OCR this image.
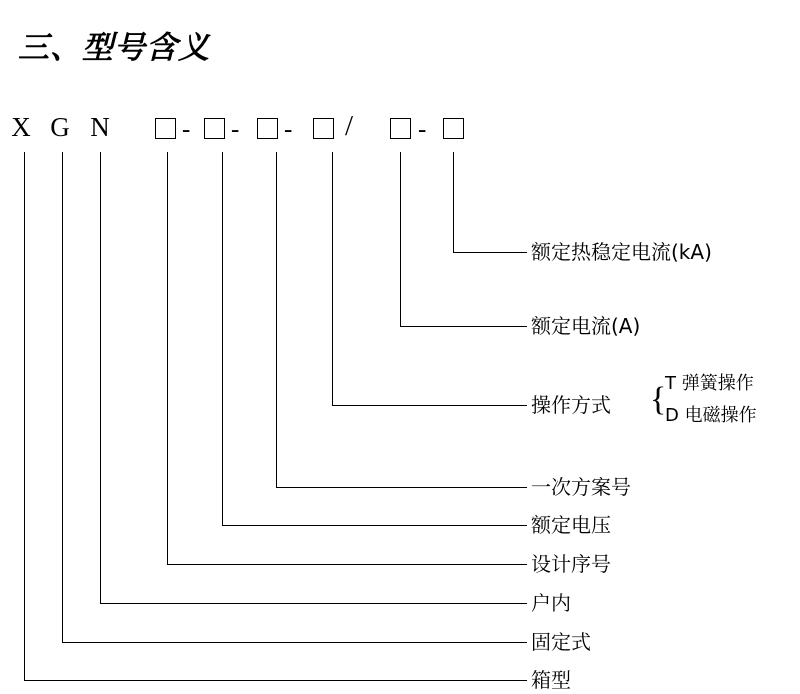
三、型号含义
X G N	- - - /	-
额定热稳定电流(kA)
额定电流(A)
操作方式 {
T 弹簧操作
D 电磁操作
一次方案号
额定电压
设计序号
户内
固定式
箱型
